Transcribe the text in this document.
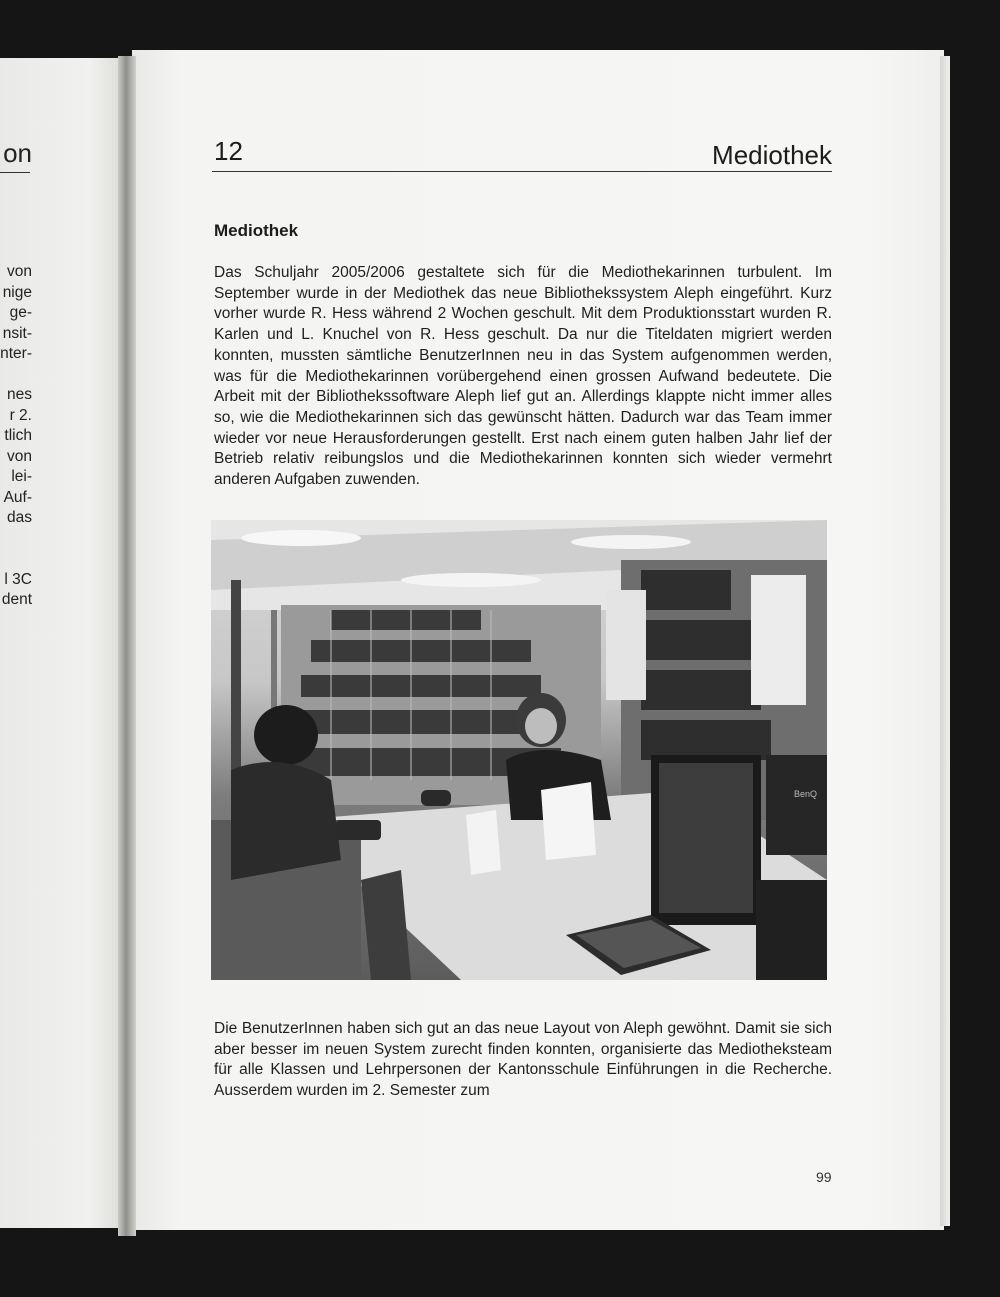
on
von
nige
ge-
nsit-
nter-
nes
r 2.
tlich
von
lei-
Auf-
das
l 3C
dent
12	Mediothek
Mediothek
Das Schuljahr 2005/2006 gestaltete sich für die Mediothekarinnen turbulent. Im September wurde in der Mediothek das neue Bibliothekssystem Aleph eingeführt. Kurz vorher wurde R. Hess während 2 Wochen geschult. Mit dem Produktionsstart wurden R. Karlen und L. Knuchel von R. Hess geschult. Da nur die Titeldaten migriert werden konnten, mussten sämtliche BenutzerInnen neu in das System aufgenommen werden, was für die Mediothekarinnen vorübergehend einen grossen Aufwand bedeutete. Die Arbeit mit der Bibliothekssoftware Aleph lief gut an. Allerdings klappte nicht immer alles so, wie die Mediothekarinnen sich das gewünscht hätten. Dadurch war das Team immer wieder vor neue Herausforderungen gestellt. Erst nach einem guten halben Jahr lief der Betrieb relativ reibungslos und die Mediothekarinnen konnten sich wieder vermehrt anderen Aufgaben zuwenden.
BenQ
Die BenutzerInnen haben sich gut an das neue Layout von Aleph gewöhnt. Damit sie sich aber besser im neuen System zurecht finden konnten, organisierte das Mediotheksteam für alle Klassen und Lehrpersonen der Kantonsschule Einführungen in die Recherche. Ausserdem wurden im 2. Semester zum
99
